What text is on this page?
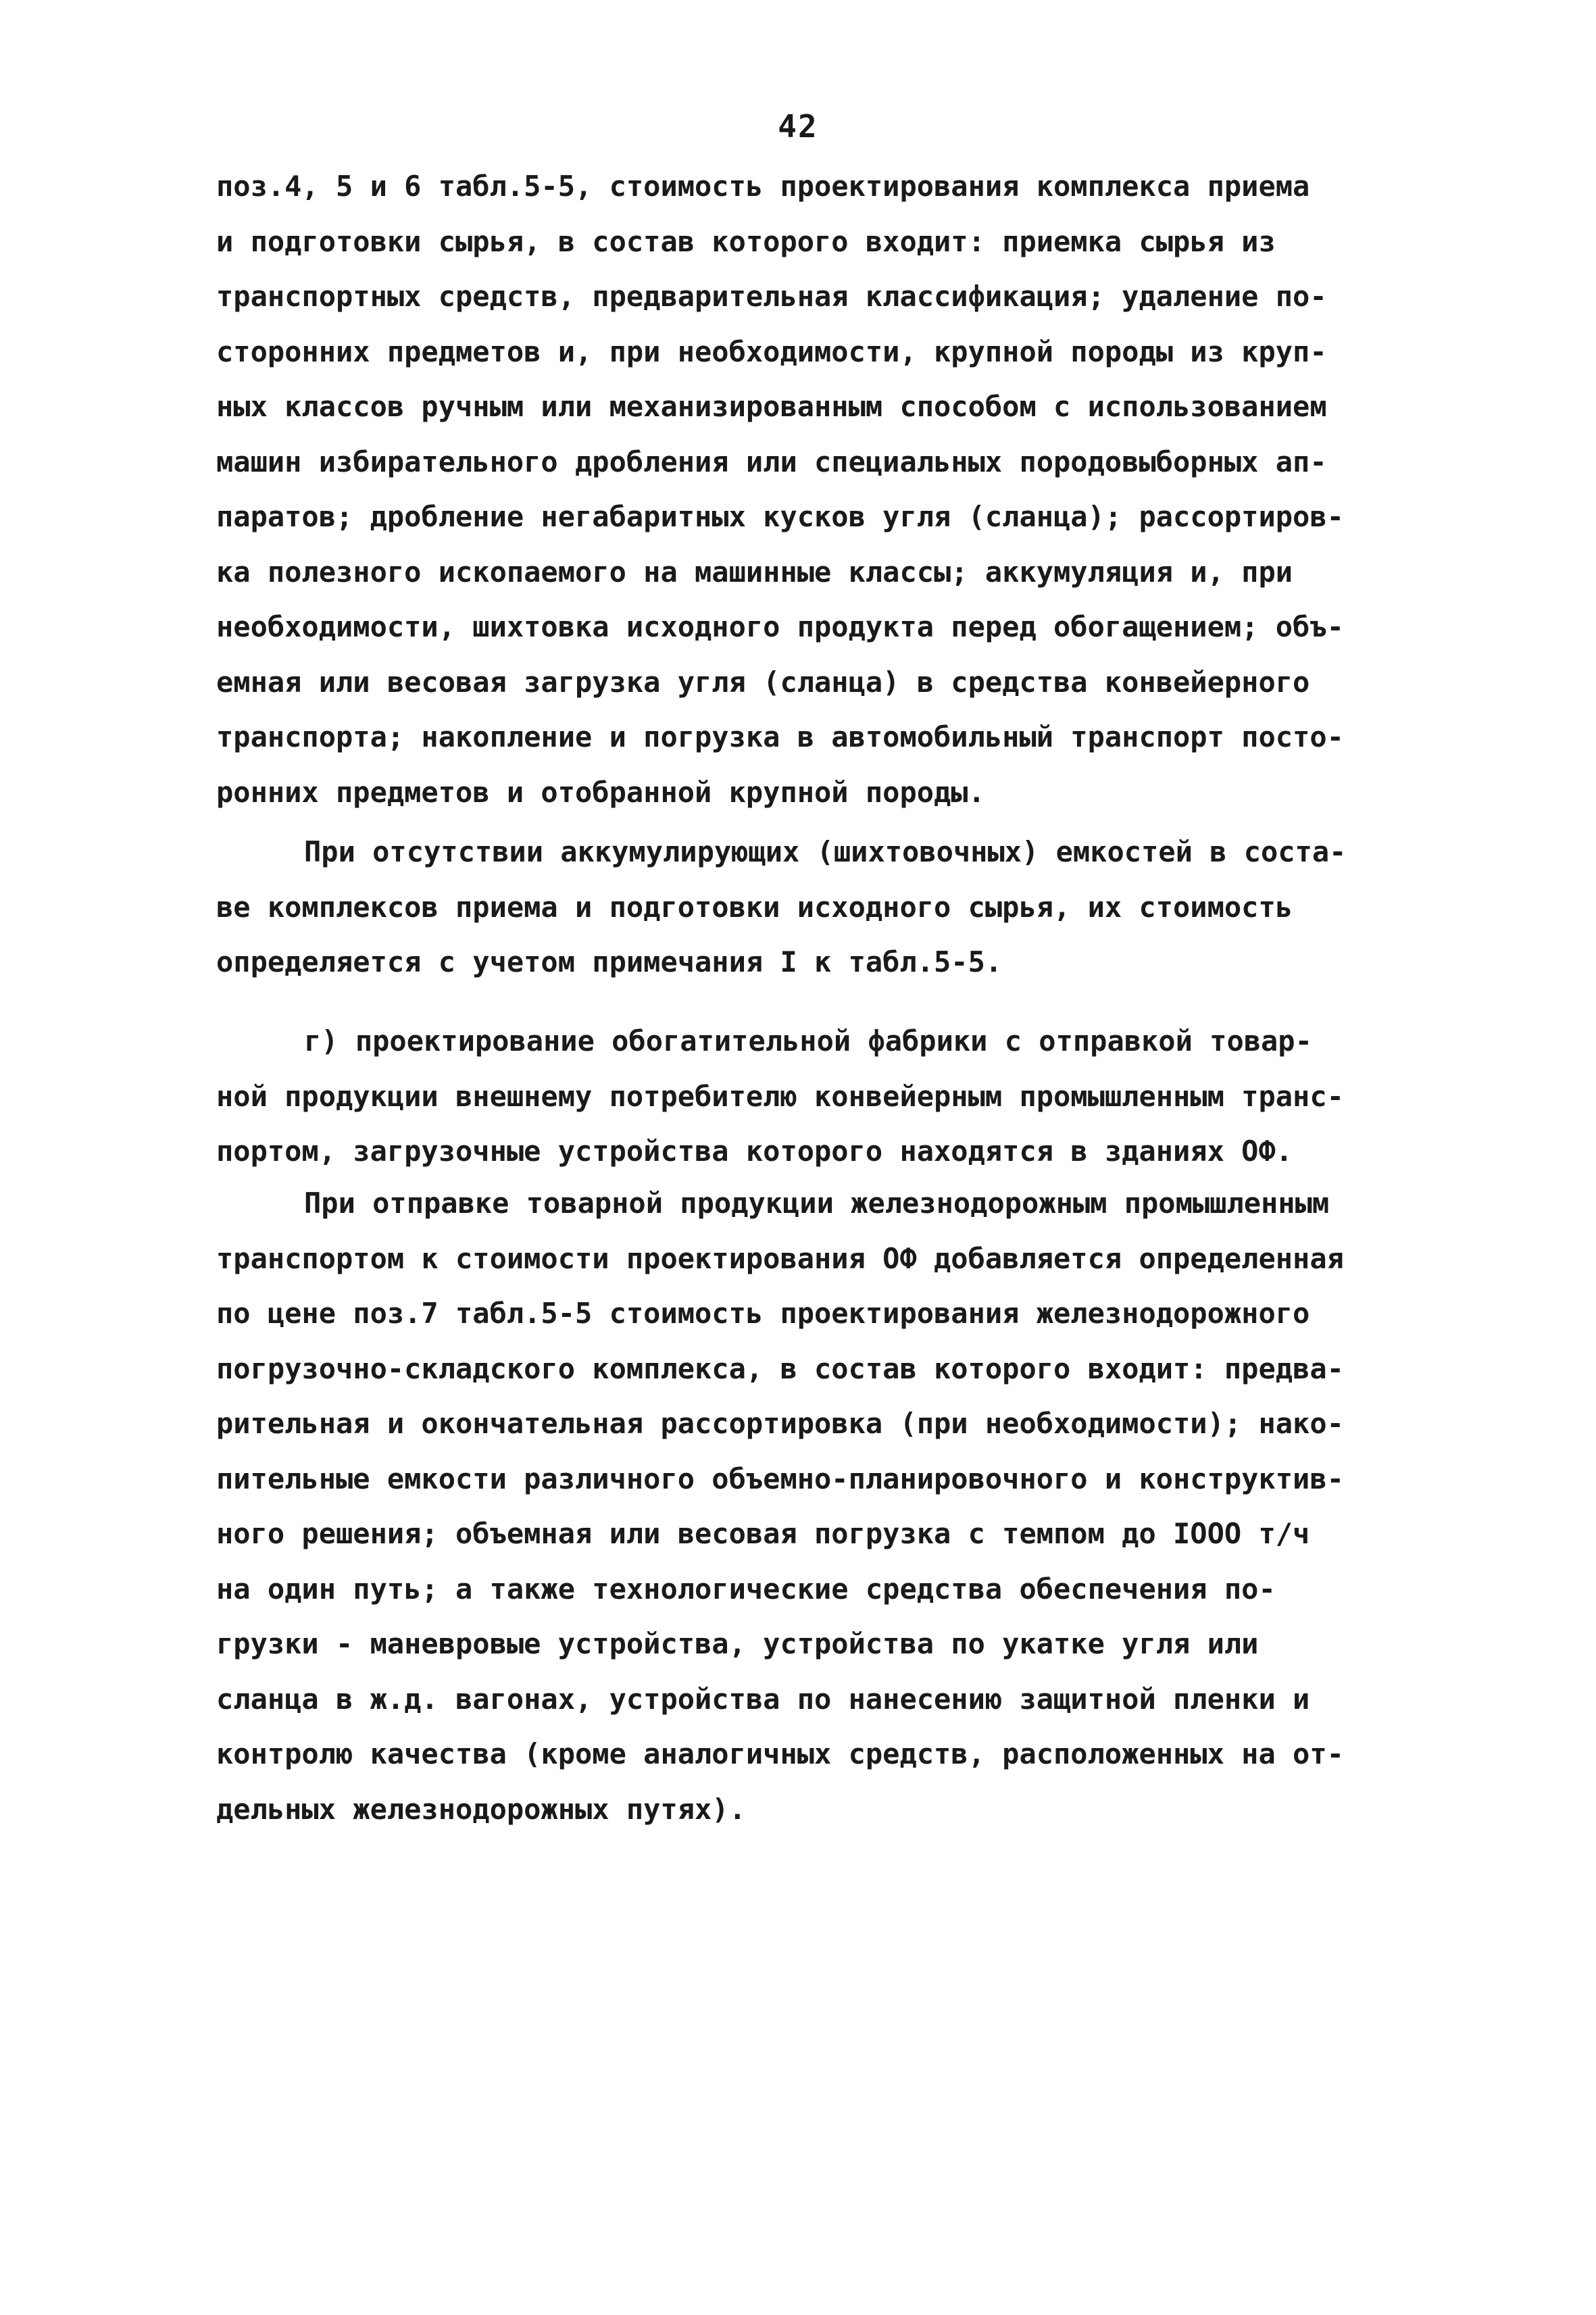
42
поз.4, 5 и 6 табл.5-5, стоимость проектирования комплекса приема
и подготовки сырья, в состав которого входит: приемка сырья из
транспортных средств, предварительная классификация; удаление по-
сторонних предметов и, при необходимости, крупной породы из круп-
ных классов ручным или механизированным способом с использованием
машин избирательного дробления или специальных породовыборных ап-
паратов; дробление негабаритных кусков угля (сланца); рассортиров-
ка полезного ископаемого на машинные классы; аккумуляция и, при
необходимости, шихтовка исходного продукта перед обогащением; объ-
емная или весовая загрузка угля (сланца) в средства конвейерного
транспорта; накопление и погрузка в автомобильный транспорт посто-
ронних предметов и отобранной крупной породы.
При отсутствии аккумулирующих (шихтовочных) емкостей в соста-
ве комплексов приема и подготовки исходного сырья, их стоимость
определяется с учетом примечания I к табл.5-5.
г) проектирование обогатительной фабрики с отправкой товар-
ной продукции внешнему потребителю конвейерным промышленным транс-
портом, загрузочные устройства которого находятся в зданиях ОФ.
При отправке товарной продукции железнодорожным промышленным
транспортом к стоимости проектирования ОФ добавляется определенная
по цене поз.7 табл.5-5 стоимость проектирования железнодорожного
погрузочно-складского комплекса, в состав которого входит: предва-
рительная и окончательная рассортировка (при необходимости); нако-
пительные емкости различного объемно-планировочного и конструктив-
ного решения; объемная или весовая погрузка с темпом до IOOO т/ч
на один путь; а также технологические средства обеспечения по-
грузки - маневровые устройства, устройства по укатке угля или
сланца в ж.д. вагонах, устройства по нанесению защитной пленки и
контролю качества (кроме аналогичных средств, расположенных на от-
дельных железнодорожных путях).
